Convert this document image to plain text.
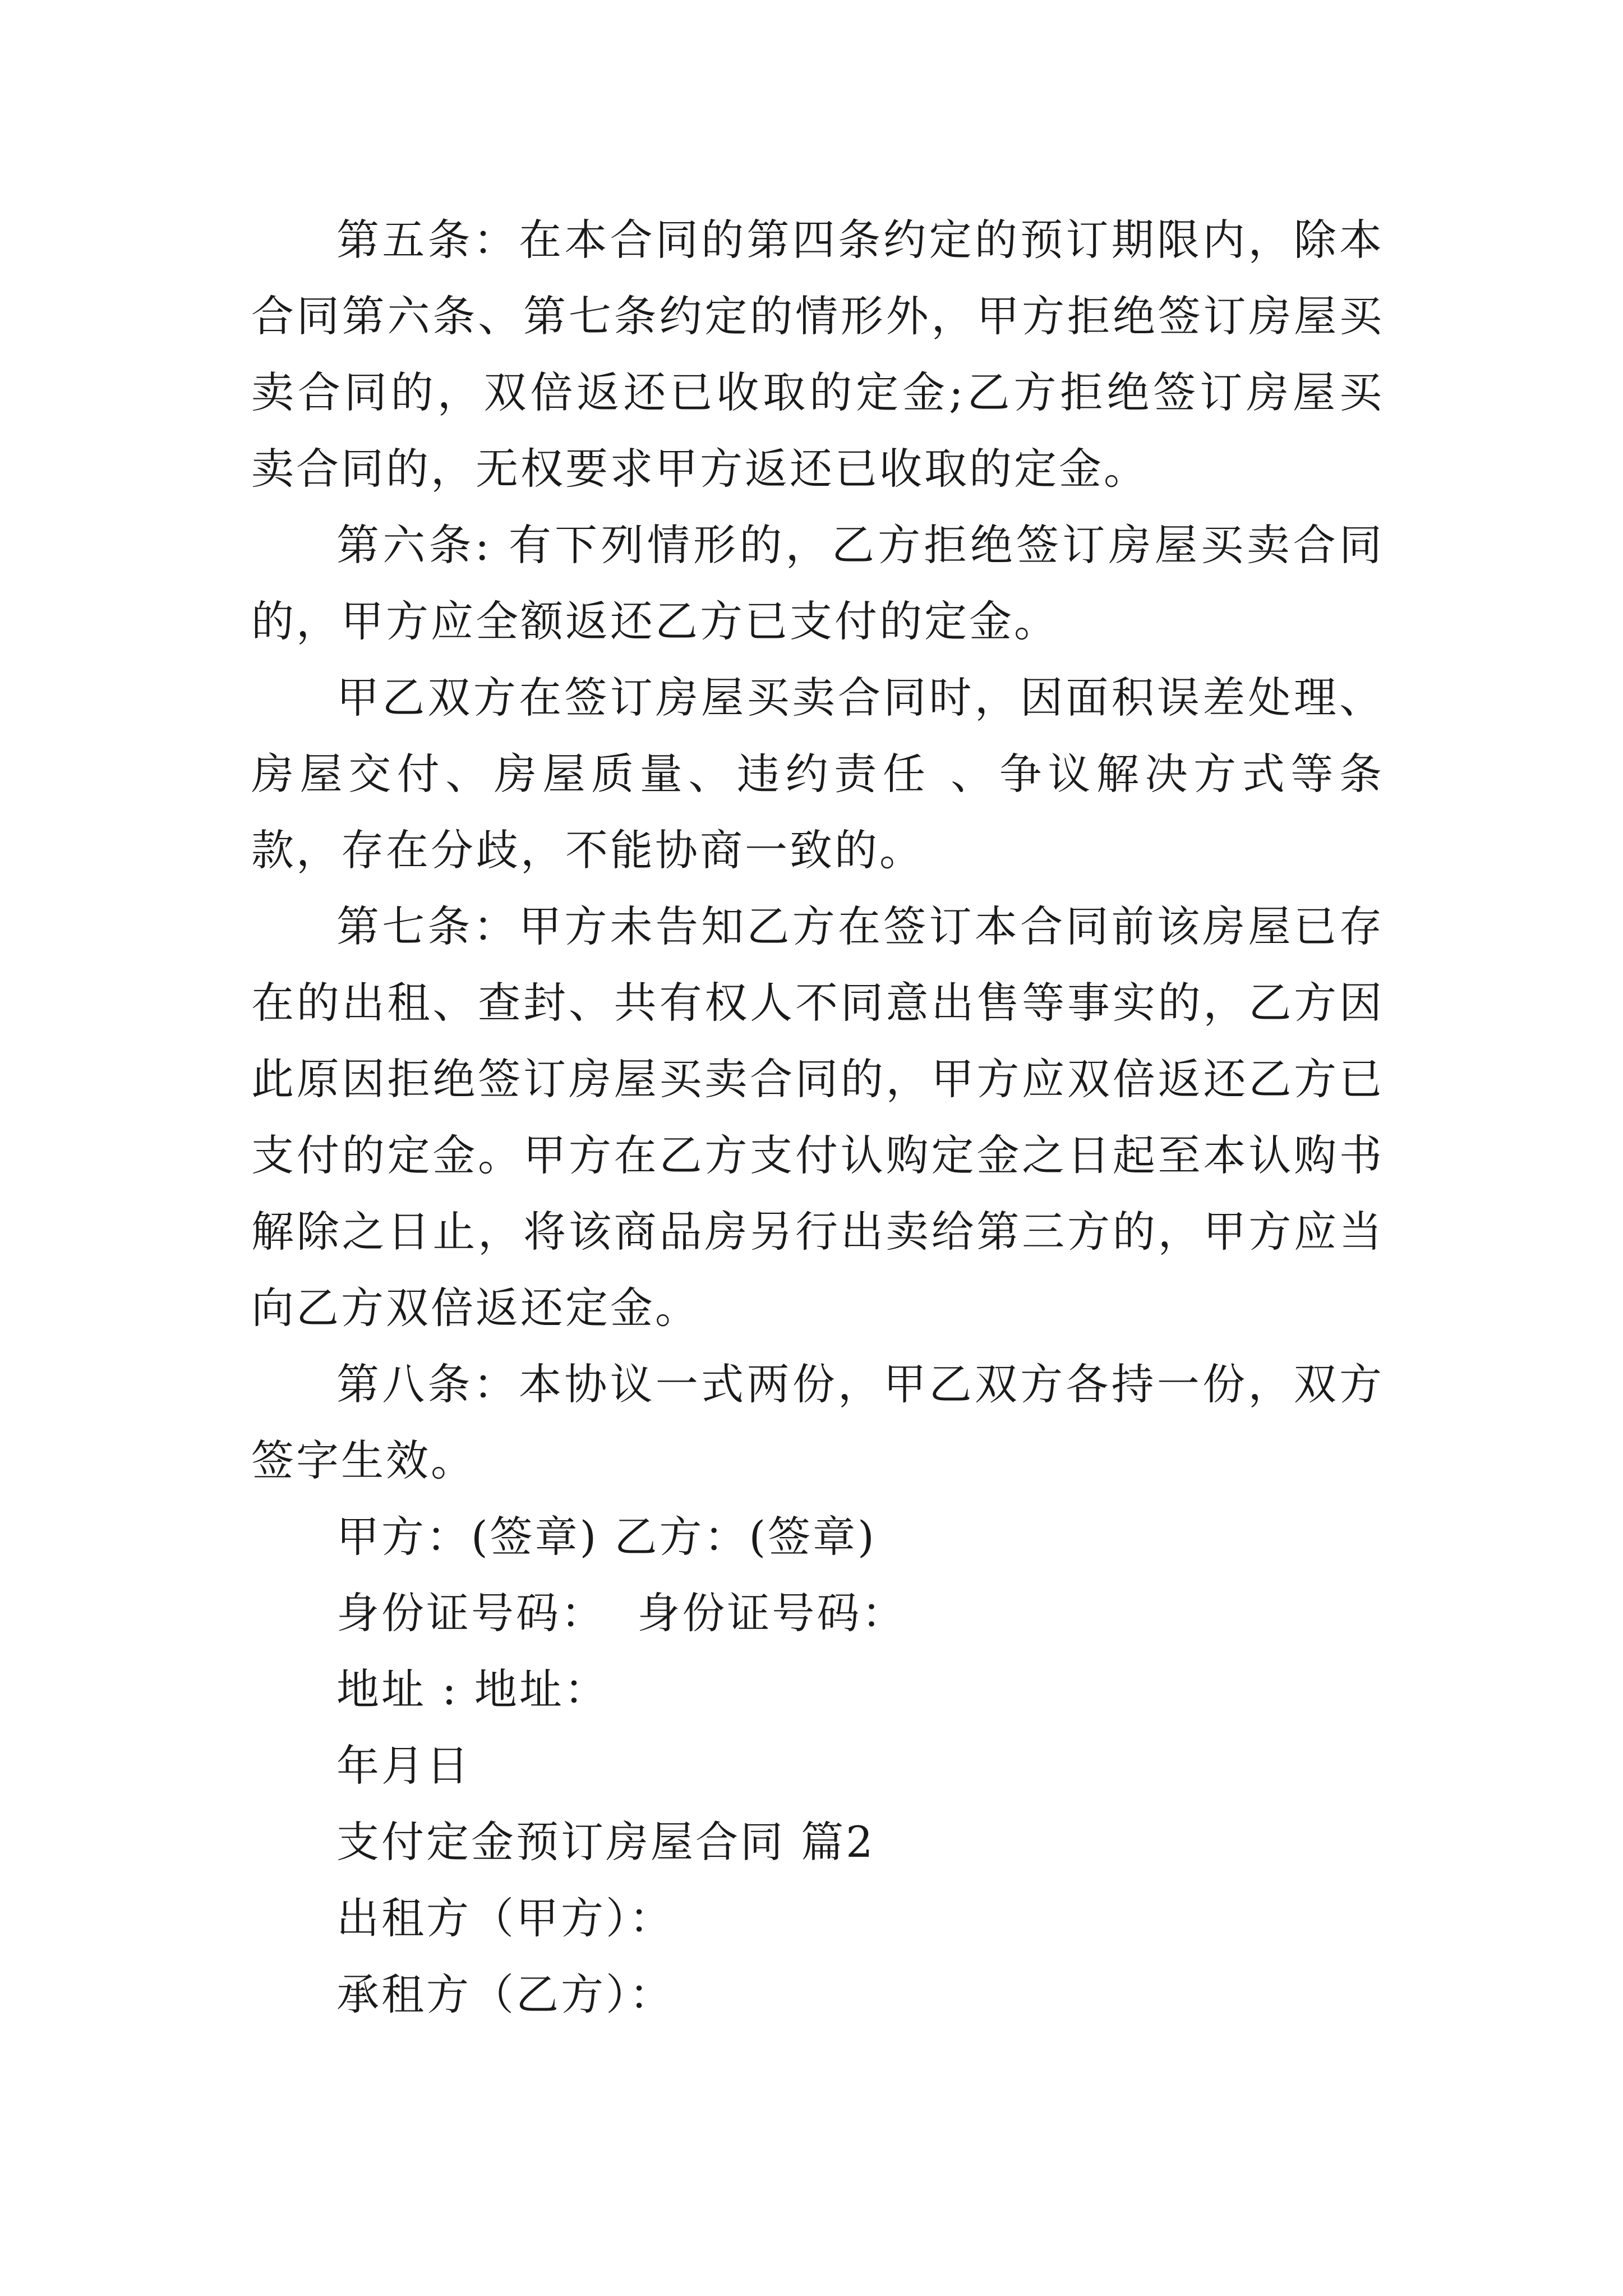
第五条：在本合同的第四条约定的预订期限内，除本合同第六条、第七条约定的情形外，甲方拒绝签订房屋买卖合同的，双倍返还已收取的定金;乙方拒绝签订房屋买卖合同的，无权要求甲方返还已收取的定金。

第六条: 有下列情形的，乙方拒绝签订房屋买卖合同的，甲方应全额返还乙方已支付的定金。

甲乙双方在签订房屋买卖合同时，因面积误差处理、房屋交付、房屋质量、违约责任 、争议解决方式等条款，存在分歧，不能协商一致的。

第七条：甲方未告知乙方在签订本合同前该房屋已存在的出租、查封、共有权人不同意出售等事实的，乙方因此原因拒绝签订房屋买卖合同的，甲方应双倍返还乙方已支付的定金。甲方在乙方支付认购定金之日起至本认购书解除之日止，将该商品房另行出卖给第三方的，甲方应当向乙方双倍返还定金。

第八条：本协议一式两份，甲乙双方各持一份，双方签字生效。

甲方：(签章) 乙方：(签章)

身份证号码：  身份证号码：

地址 : 地址：

年月日

支付定金预订房屋合同 篇2

出租方（甲方）：

承租方（乙方）：
